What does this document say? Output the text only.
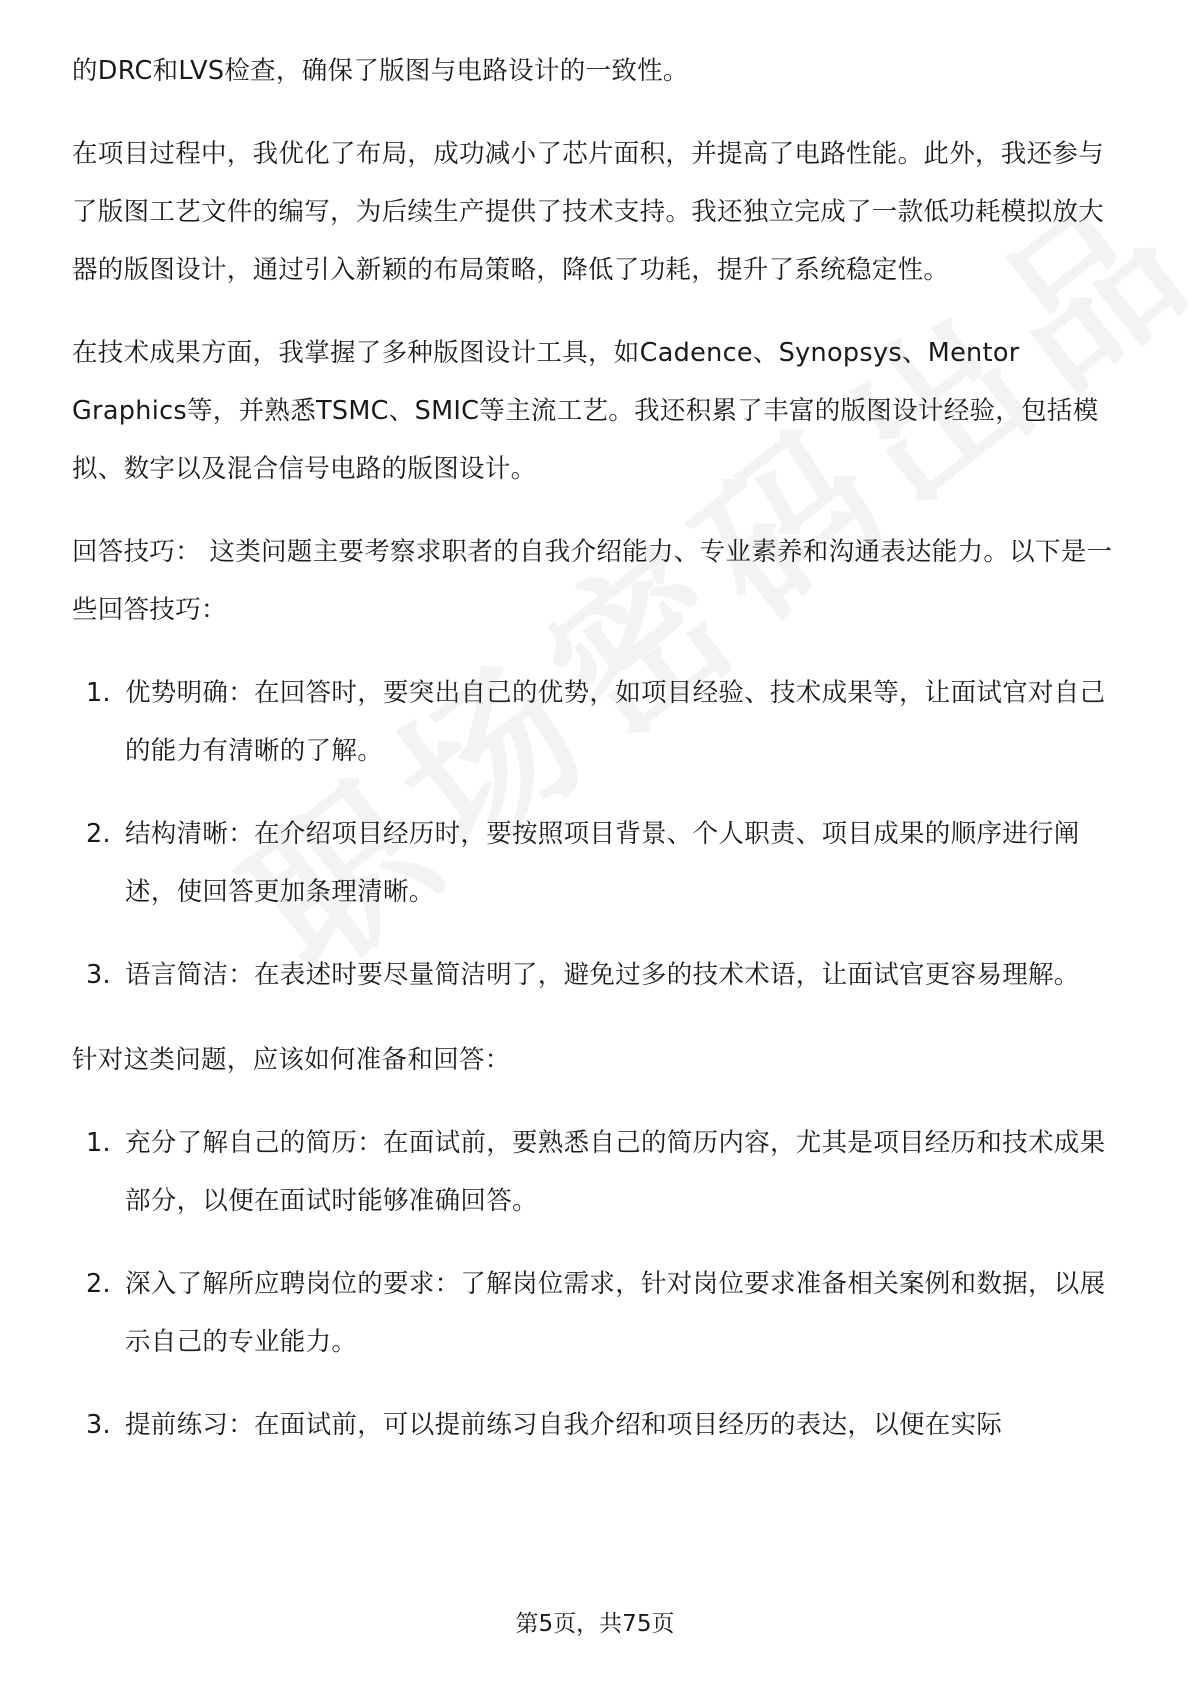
的DRC和LVS检查，确保了版图与电路设计的一致性。

在项目过程中，我优化了布局，成功减小了芯片面积，并提高了电路性能。此外，我还参与了版图工艺文件的编写，为后续生产提供了技术支持。我还独立完成了一款低功耗模拟放大器的版图设计，通过引入新颖的布局策略，降低了功耗，提升了系统稳定性。

在技术成果方面，我掌握了多种版图设计工具，如Cadence、Synopsys、Mentor Graphics等，并熟悉TSMC、SMIC等主流工艺。我还积累了丰富的版图设计经验，包括模拟、数字以及混合信号电路的版图设计。

回答技巧： 这类问题主要考察求职者的自我介绍能力、专业素养和沟通表达能力。以下是一些回答技巧：

1. 优势明确：在回答时，要突出自己的优势，如项目经验、技术成果等，让面试官对自己的能力有清晰的了解。
2. 结构清晰：在介绍项目经历时，要按照项目背景、个人职责、项目成果的顺序进行阐述，使回答更加条理清晰。
3. 语言简洁：在表述时要尽量简洁明了，避免过多的技术术语，让面试官更容易理解。

针对这类问题，应该如何准备和回答：

1. 充分了解自己的简历：在面试前，要熟悉自己的简历内容，尤其是项目经历和技术成果部分，以便在面试时能够准确回答。
2. 深入了解所应聘岗位的要求：了解岗位需求，针对岗位要求准备相关案例和数据，以展示自己的专业能力。
3. 提前练习：在面试前，可以提前练习自我介绍和项目经历的表达，以便在实际
第5页，共75页
